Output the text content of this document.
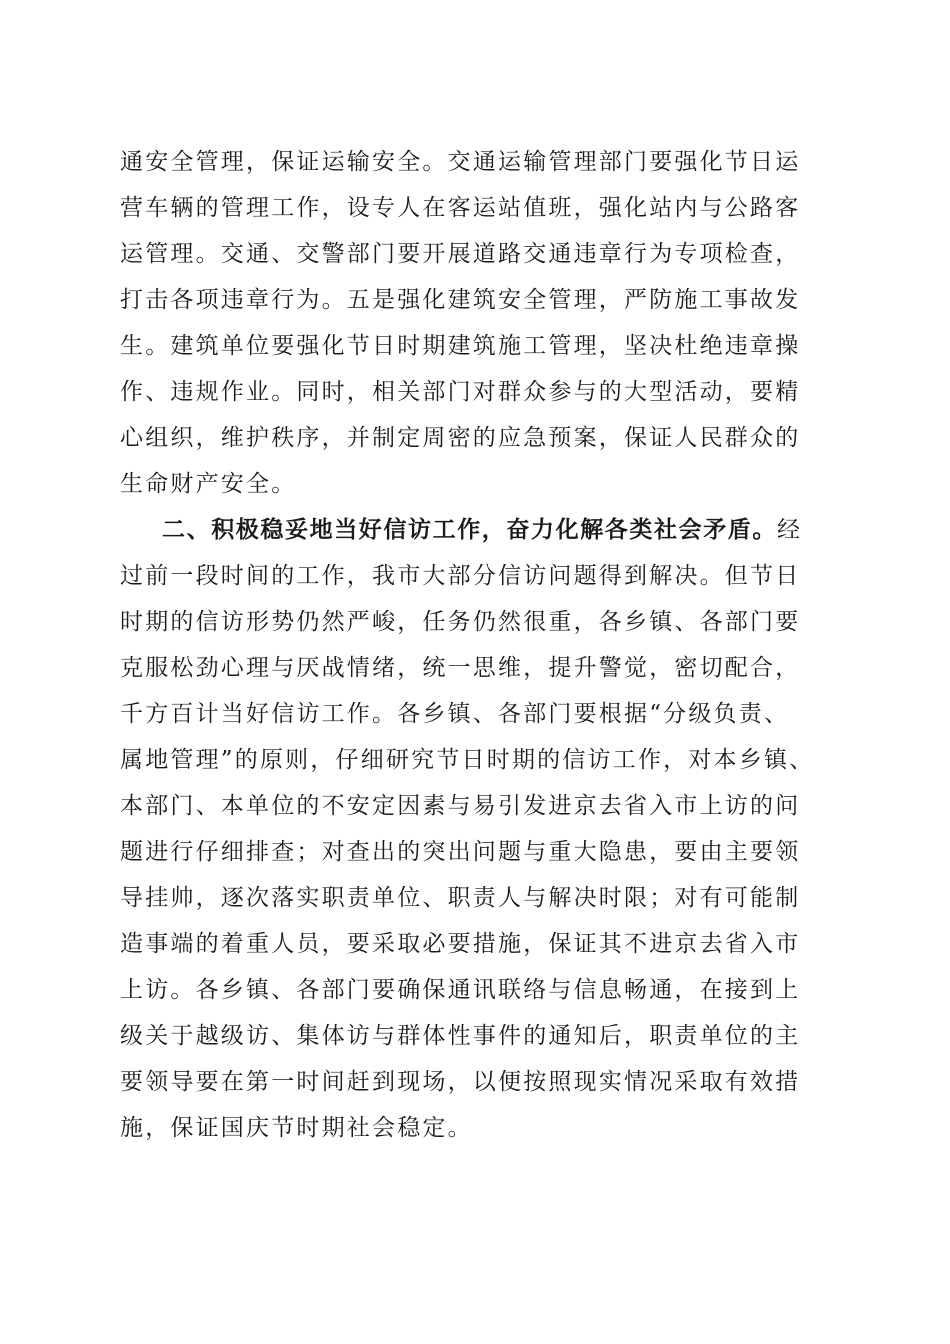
通安全管理，保证运输安全。交通运输管理部门要强化节日运
营车辆的管理工作，设专人在客运站值班，强化站内与公路客
运管理。交通、交警部门要开展道路交通违章行为专项检查，
打击各项违章行为。五是强化建筑安全管理，严防施工事故发
生。建筑单位要强化节日时期建筑施工管理，坚决杜绝违章操
作、违规作业。同时，相关部门对群众参与的大型活动，要精
心组织，维护秩序，并制定周密的应急预案，保证人民群众的
生命财产安全。
二、积极稳妥地当好信访工作，奋力化解各类社会矛盾。经
过前一段时间的工作，我市大部分信访问题得到解决。但节日
时期的信访形势仍然严峻，任务仍然很重，各乡镇、各部门要
克服松劲心理与厌战情绪，统一思维，提升警觉，密切配合，
千方百计当好信访工作。各乡镇、各部门要根据“分级负责、
属地管理”的原则，仔细研究节日时期的信访工作，对本乡镇、
本部门、本单位的不安定因素与易引发进京去省入市上访的问
题进行仔细排查；对查出的突出问题与重大隐患，要由主要领
导挂帅，逐次落实职责单位、职责人与解决时限；对有可能制
造事端的着重人员，要采取必要措施，保证其不进京去省入市
上访。各乡镇、各部门要确保通讯联络与信息畅通，在接到上
级关于越级访、集体访与群体性事件的通知后，职责单位的主
要领导要在第一时间赶到现场，以便按照现实情况采取有效措
施，保证国庆节时期社会稳定。
